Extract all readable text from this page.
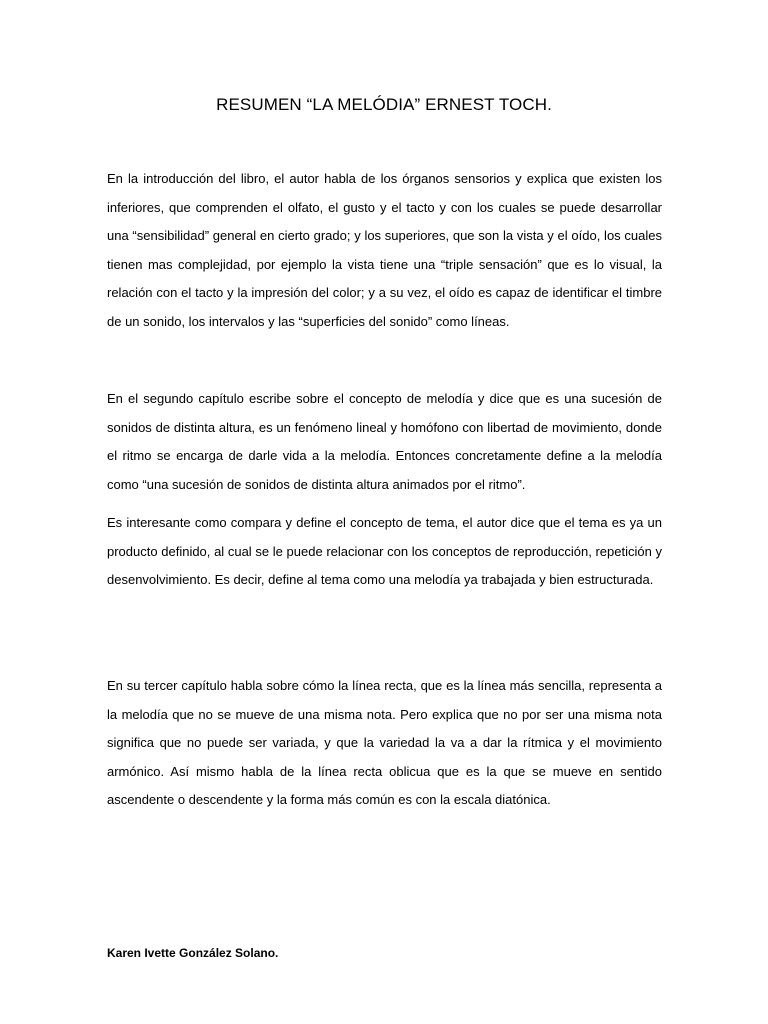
RESUMEN “LA MELÓDIA” ERNEST TOCH.

En la introducción del libro, el autor habla de los órganos sensorios y explica que existen los inferiores, que comprenden el olfato, el gusto y el tacto y con los cuales se puede desarrollar una “sensibilidad” general en cierto grado; y los superiores, que son la vista y el oído, los cuales tienen mas complejidad, por ejemplo la vista tiene una “triple sensación” que es lo visual, la relación con el tacto y la impresión del color; y a su vez, el oído es capaz de identificar el timbre de un sonido, los intervalos y las “superficies del sonido” como líneas.

En el segundo capítulo escribe sobre el concepto de melodía y dice que es una sucesión de sonidos de distinta altura, es un fenómeno lineal y homófono con libertad de movimiento, donde el ritmo se encarga de darle vida a la melodía. Entonces concretamente define a la melodía como “una sucesión de sonidos de distinta altura animados por el ritmo”.

Es interesante como compara y define el concepto de tema, el autor dice que el tema es ya un producto definido, al cual se le puede relacionar con los conceptos de reproducción, repetición y desenvolvimiento. Es decir, define al tema como una melodía ya trabajada y bien estructurada.

En su tercer capítulo habla sobre cómo la línea recta, que es la línea más sencilla, representa a la melodía que no se mueve de una misma nota. Pero explica que no por ser una misma nota significa que no puede ser variada, y que la variedad la va a dar la rítmica y el movimiento armónico. Así mismo habla de la línea recta oblicua que es la que se mueve en sentido ascendente o descendente y la forma más común es con la escala diatónica.

Karen Ivette González Solano.
